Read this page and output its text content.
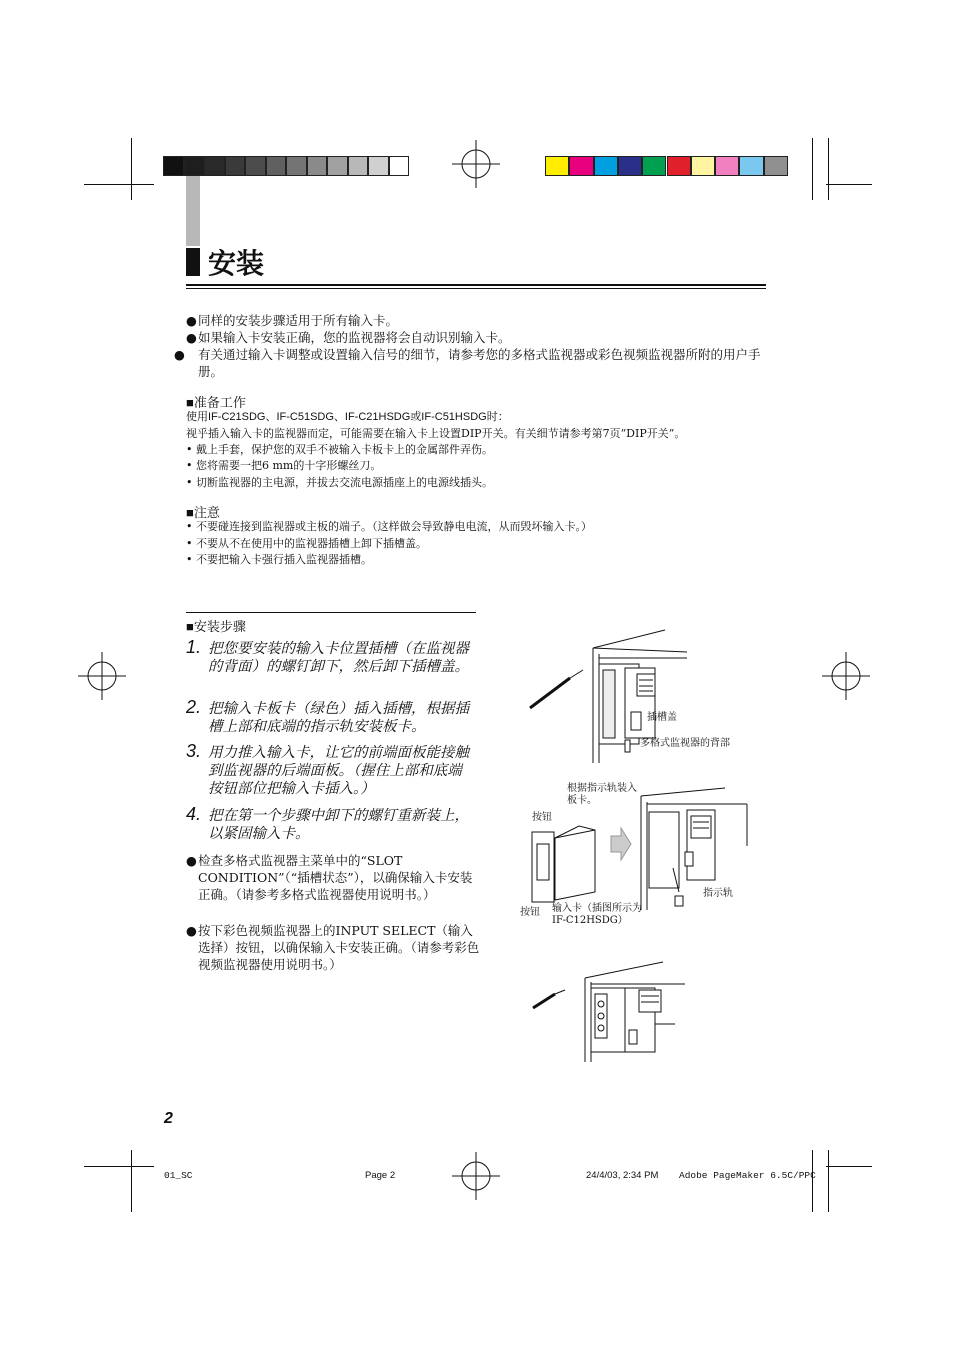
安装
●同样的安装步骤适用于所有输入卡。
●如果输入卡安装正确，您的监视器将会自动识别输入卡。
● 有关通过输入卡调整或设置输入信号的细节，请参考您的多格式监视器或彩色视频监视器所附的用户手册。
■准备工作
使用IF-C21SDG、IF-C51SDG、IF-C21HSDG或IF-C51HSDG时：
视乎插入输入卡的监视器而定，可能需要在输入卡上设置DIP开关。有关细节请参考第7页“DIP开关”。
• 戴上手套，保护您的双手不被输入卡板卡上的金属部件弄伤。
• 您将需要一把6 mm的十字形螺丝刀。
• 切断监视器的主电源，并拔去交流电源插座上的电源线插头。
■注意
• 不要碰连接到监视器或主板的端子。（这样做会导致静电电流，从而毁坏输入卡。）
• 不要从不在使用中的监视器插槽上卸下插槽盖。
• 不要把输入卡强行插入监视器插槽。
■安装步骤
1. 把您要安装的输入卡位置插槽（在监视器的背面）的螺钉卸下，然后卸下插槽盖。
2. 把输入卡板卡（绿色）插入插槽，根据插槽上部和底端的指示轨安装板卡。
3. 用力推入输入卡，让它的前端面板能接触到监视器的后端面板。（握住上部和底端按钮部位把输入卡插入。）
4. 把在第一个步骤中卸下的螺钉重新装上，以紧固输入卡。
●检查多格式监视器主菜单中的“SLOT CONDITION”（“插槽状态”），以确保输入卡安装正确。（请参考多格式监视器使用说明书。）
●按下彩色视频监视器上的INPUT SELECT（输入选择）按钮，以确保输入卡安装正确。（请参考彩色视频监视器使用说明书。）
插槽盖
多格式监视器的背部
根据指示轨装入板卡。
按钮
按钮 输入卡（插图所示为IF-C12HSDG）
指示轨
2
01_SC	Page 2	24/4/03, 2:34 PM Adobe PageMaker 6.5C/PPC
